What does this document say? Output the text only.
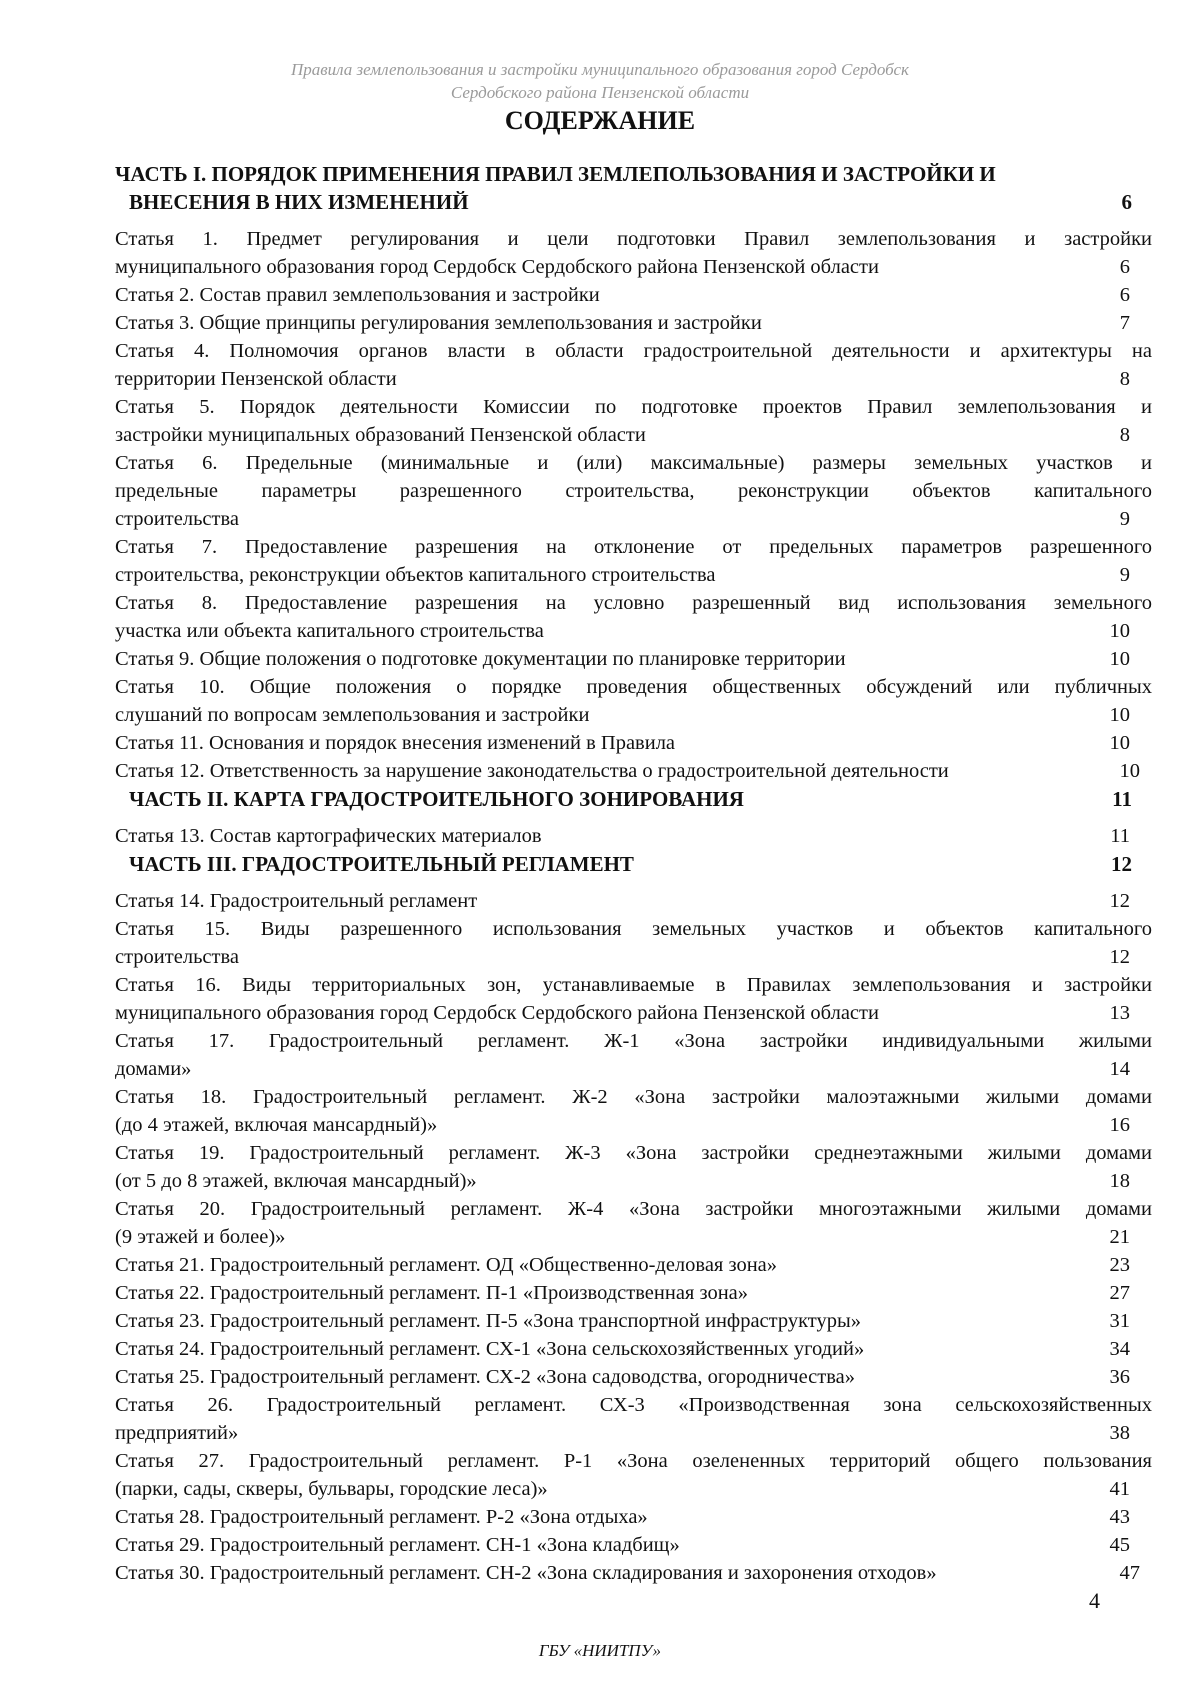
Правила землепользования и застройки муниципального образования город Сердобск
Сердобского района Пензенской области
СОДЕРЖАНИЕ
ЧАСТЬ I. ПОРЯДОК ПРИМЕНЕНИЯ ПРАВИЛ ЗЕМЛЕПОЛЬЗОВАНИЯ И ЗАСТРОЙКИ И
ВНЕСЕНИЯ В НИХ ИЗМЕНЕНИЙ	6
Статья 1. Предмет регулирования и цели подготовки Правил землепользования и застройки
муниципального образования город Сердобск Сердобского района Пензенской области	6
Статья 2. Состав правил землепользования и застройки	6
Статья 3. Общие принципы регулирования землепользования и застройки	7
Статья 4. Полномочия органов власти в области градостроительной деятельности и архитектуры на
территории Пензенской области	8
Статья 5. Порядок деятельности Комиссии по подготовке проектов Правил землепользования и
застройки муниципальных образований Пензенской области	8
Статья 6. Предельные (минимальные и (или) максимальные) размеры земельных участков и
предельные параметры разрешенного строительства, реконструкции объектов капитального
строительства	9
Статья 7. Предоставление разрешения на отклонение от предельных параметров разрешенного
строительства, реконструкции объектов капитального строительства	9
Статья 8. Предоставление разрешения на условно разрешенный вид использования земельного
участка или объекта капитального строительства	10
Статья 9. Общие положения о подготовке документации по планировке территории	10
Статья 10. Общие положения о порядке проведения общественных обсуждений или публичных
слушаний по вопросам землепользования и застройки	10
Статья 11. Основания и порядок внесения изменений в Правила	10
Статья 12. Ответственность за нарушение законодательства о градостроительной деятельности	10
ЧАСТЬ II. КАРТА ГРАДОСТРОИТЕЛЬНОГО ЗОНИРОВАНИЯ	11
Статья 13. Состав картографических материалов	11
ЧАСТЬ III. ГРАДОСТРОИТЕЛЬНЫЙ РЕГЛАМЕНТ	12
Статья 14. Градостроительный регламент	12
Статья 15. Виды разрешенного использования земельных участков и объектов капитального
строительства	12
Статья 16. Виды территориальных зон, устанавливаемые в Правилах землепользования и застройки
муниципального образования город Сердобск Сердобского района Пензенской области	13
Статья 17. Градостроительный регламент. Ж-1 «Зона застройки индивидуальными жилыми
домами»	14
Статья 18. Градостроительный регламент. Ж-2 «Зона застройки малоэтажными жилыми домами
(до 4 этажей, включая мансардный)»	16
Статья 19. Градостроительный регламент. Ж-3 «Зона застройки среднеэтажными жилыми домами
(от 5 до 8 этажей, включая мансардный)»	18
Статья 20. Градостроительный регламент. Ж-4 «Зона застройки многоэтажными жилыми домами
(9 этажей и более)»	21
Статья 21. Градостроительный регламент. ОД «Общественно-деловая зона»	23
Статья 22. Градостроительный регламент. П-1 «Производственная зона»	27
Статья 23. Градостроительный регламент. П-5 «Зона транспортной инфраструктуры»	31
Статья 24. Градостроительный регламент. СХ-1 «Зона сельскохозяйственных угодий»	34
Статья 25. Градостроительный регламент. СХ-2 «Зона садоводства, огородничества»	36
Статья 26. Градостроительный регламент. СХ-3 «Производственная зона сельскохозяйственных
предприятий»	38
Статья 27. Градостроительный регламент. Р-1 «Зона озелененных территорий общего пользования
(парки, сады, скверы, бульвары, городские леса)»	41
Статья 28. Градостроительный регламент. Р-2 «Зона отдыха»	43
Статья 29. Градостроительный регламент. СН-1 «Зона кладбищ»	45
Статья 30. Градостроительный регламент. СН-2 «Зона складирования и захоронения отходов»	47
4
ГБУ «НИИТПУ»
